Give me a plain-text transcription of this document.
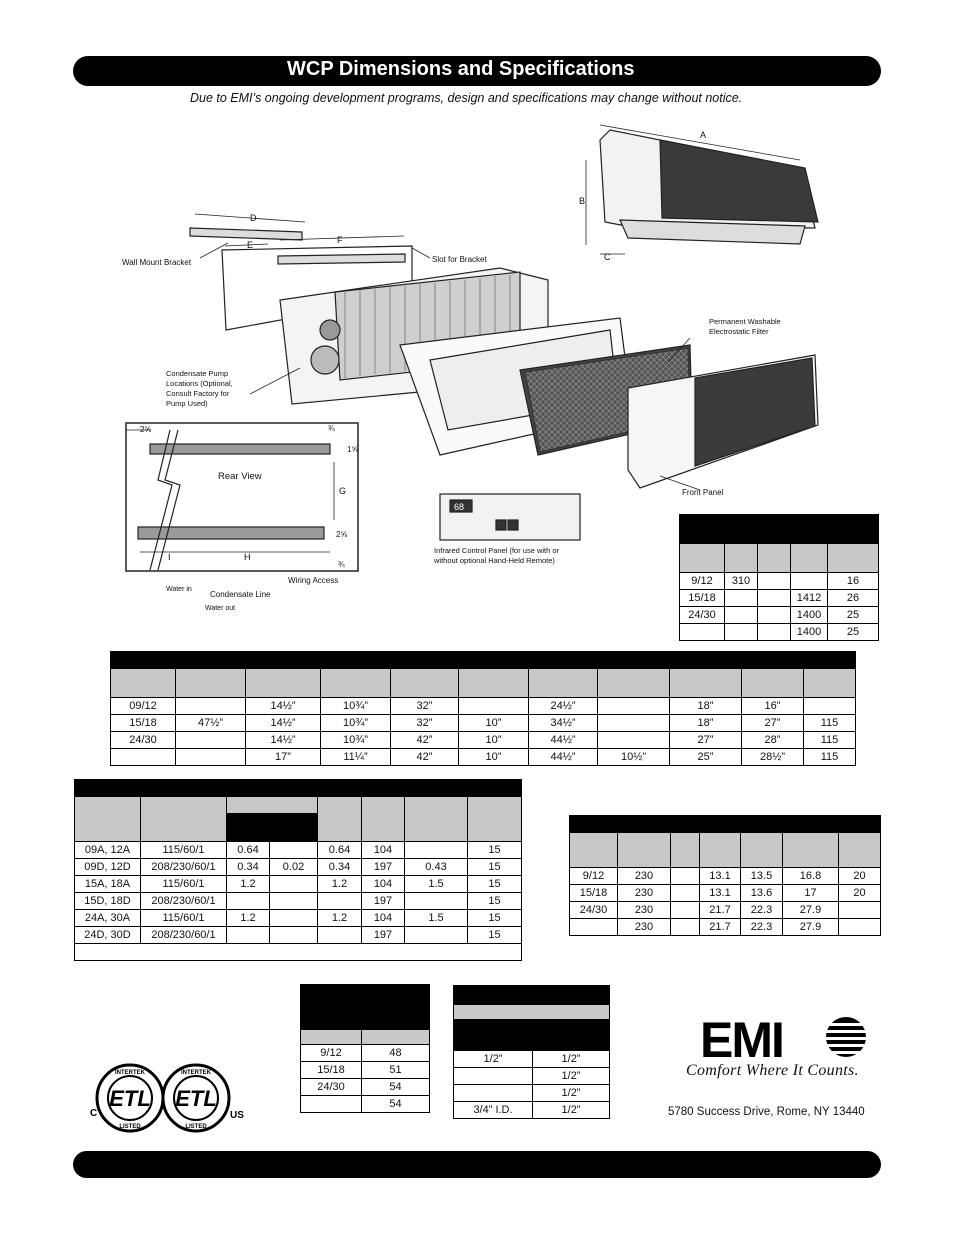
WCP Dimensions and Specifications
Due to EMI’s ongoing development programs, design and specifications may change without notice.
A
B
C
D
E	F
G
H
I
Wall Mount Bracket	Slot for Bracket
Permanent Washable
Electrostatic Filter
Condensate Pump
Locations (Optional,
Consult Factory for
Pump Used)
Rear View
2⅝	¾
1⅝
2⅝
¾
Front Panel
Infrared Control Panel (for use with or
without optional Hand-Held Remote)
Wiring Access
Condensate Line
Water in
Water out
68

9/12	310			16
15/18			1412	26
24/30			1400	25
			1400	25

09/12		14½”	10¾”	32”		24½”		18”	16”	
15/18	47½”	14½”	10¾”	32”	10”	34½”		18”	27”	115
24/30		14½”	10¾”	42”	10”	44½”		27”	28”	115
		17”	11¼”	42”	10”	44½”	10½”	25”	28½”	115

09A, 12A	115/60/1	0.64		0.64	104		15
09D, 12D	208/230/60/1	0.34	0.02	0.34	197	0.43	15
15A, 18A	115/60/1	1.2		1.2	104	1.5	15
15D, 18D	208/230/60/1				197		15
24A, 30A	115/60/1	1.2		1.2	104	1.5	15
24D, 30D	208/230/60/1				197		15

9/12	230		13.1	13.5	16.8	20
15/18	230		13.1	13.6	17	20
24/30	230		21.7	22.3	27.9	
	230		21.7	22.3	27.9	

9/12	48
15/18	51
24/30	54
	54

1/2”	1/2”
	1/2”
	1/2”
3/4” I.D.	1/2”
ETL
INTERTEK
LISTED
C
ETL
INTERTEK
LISTED
US
EMI
Comfort Where It Counts.
5780 Success Drive, Rome, NY 13440
